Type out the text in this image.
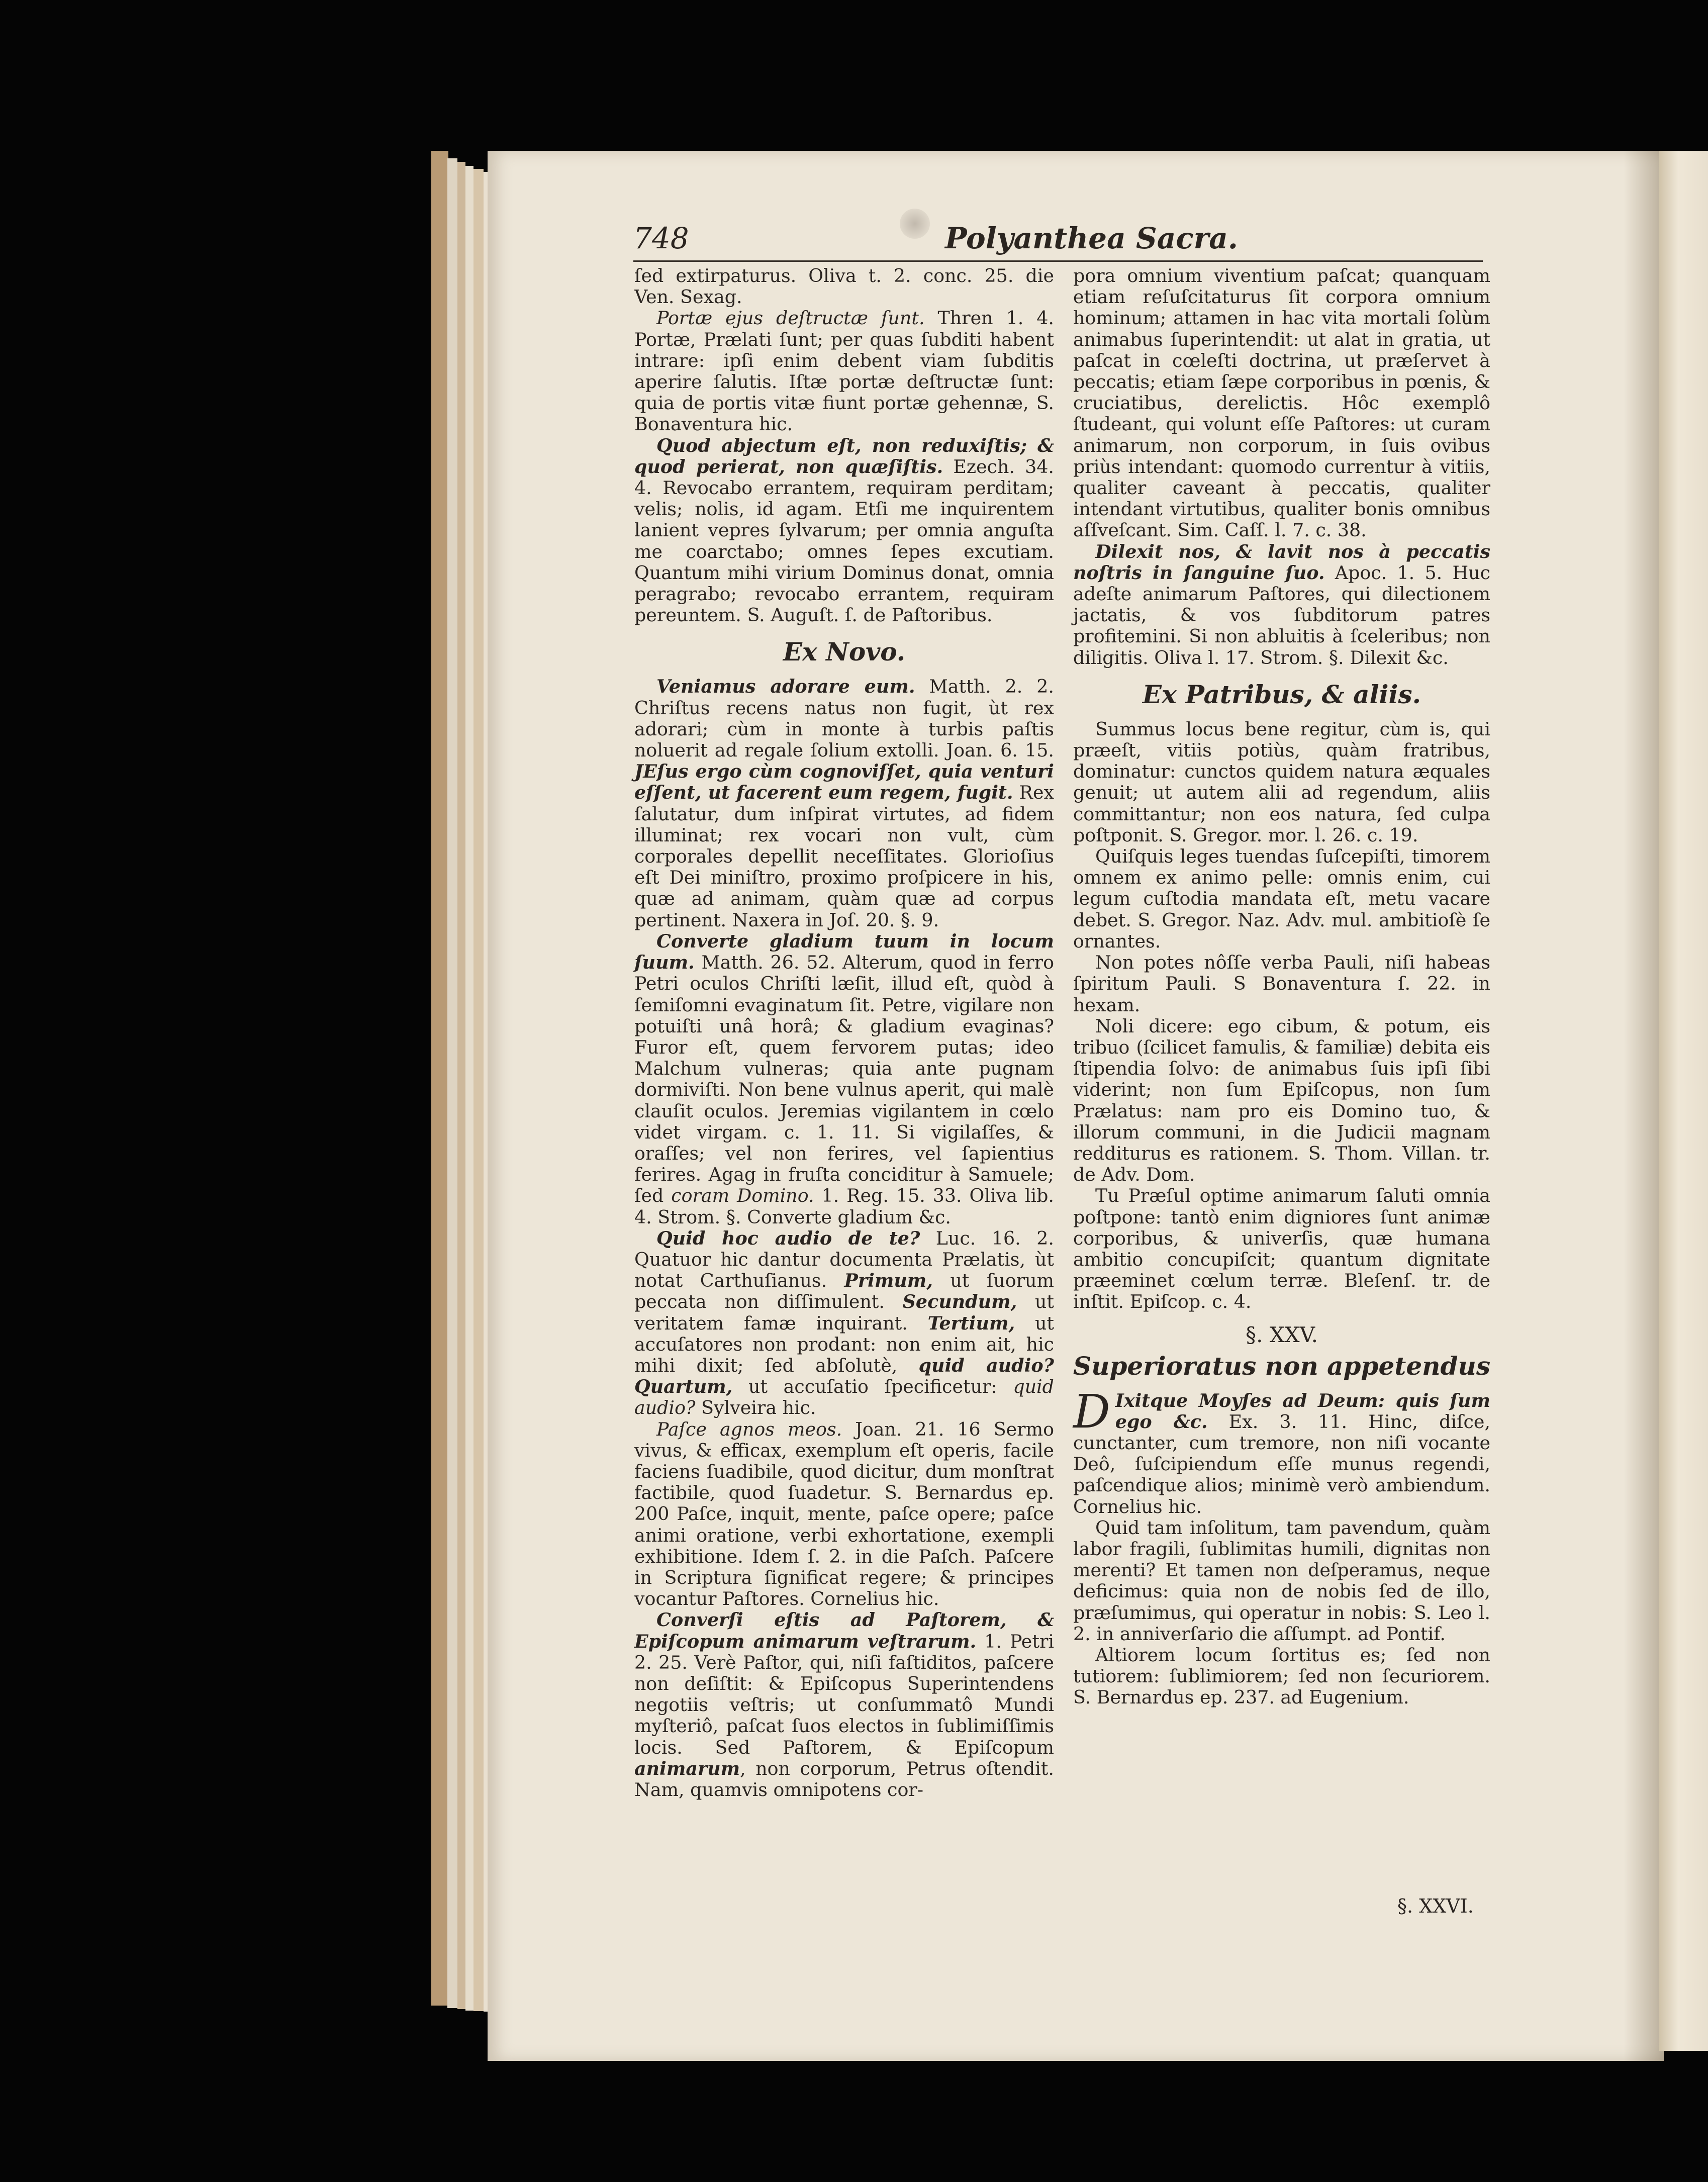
748	Polyanthea Sacra.

ſed extirpaturus. Oliva t. 2. conc. 25. die Ven. Sexag.

Portæ ejus deſtructæ ſunt. Thren 1. 4. Portæ, Prælati ſunt; per quas ſubditi habent intrare: ipſi enim debent viam ſubditis aperire ſalutis. Iſtæ portæ deſtructæ ſunt: quia de portis vitæ fiunt portæ gehennæ, S. Bonaventura hic.

Quod abjectum eſt, non reduxiſtis; & quod perierat, non quæſiſtis. Ezech. 34. 4. Revocabo errantem, requiram perditam; velis; nolis, id agam. Etſi me inquirentem lanient vepres ſylvarum; per omnia anguſta me coarctabo; omnes ſepes excutiam. Quantum mihi virium Dominus donat, omnia peragrabo; revocabo errantem, requiram pereuntem. S. Auguſt. ſ. de Paſtoribus.

Ex Novo.

Veniamus adorare eum. Matth. 2. 2. Chriſtus recens natus non fugit, ùt rex adorari; cùm in monte à turbis paſtis noluerit ad regale ſolium extolli. Joan. 6. 15. JEſus ergo cùm cognoviſſet, quia venturi eſſent, ut facerent eum regem, fugit. Rex ſalutatur, dum inſpirat virtutes, ad fidem illuminat; rex vocari non vult, cùm corporales depellit neceſſitates. Glorioſius eſt Dei miniſtro, proximo proſpicere in his, quæ ad animam, quàm quæ ad corpus pertinent. Naxera in Joſ. 20. §. 9.

Converte gladium tuum in locum ſuum. Matth. 26. 52. Alterum, quod in ferro Petri oculos Chriſti læſit, illud eſt, quòd à ſemiſomni evaginatum ſit. Petre, vigilare non potuiſti unâ horâ; & gladium evaginas? Furor eſt, quem fervorem putas; ideo Malchum vulneras; quia ante pugnam dormiviſti. Non bene vulnus aperit, qui malè clauſit oculos. Jeremias vigilantem in cœlo videt virgam. c. 1. 11. Si vigilaſſes, & oraſſes; vel non ferires, vel ſapientius ferires. Agag in fruſta conciditur à Samuele; ſed coram Domino. 1. Reg. 15. 33. Oliva lib. 4. Strom. §. Converte gladium &c.

Quid hoc audio de te? Luc. 16. 2. Quatuor hic dantur documenta Prælatis, ùt notat Carthuſianus. Primum, ut ſuorum peccata non diſſimulent. Secundum, ut veritatem famæ inquirant. Tertium, ut accuſatores non prodant: non enim ait, hic mihi dixit; ſed abſolutè, quid audio? Quartum, ut accuſatio ſpecificetur: quid audio? Sylveira hic.

Paſce agnos meos. Joan. 21. 16 Sermo vivus, & efficax, exemplum eſt operis, facile faciens ſuadibile, quod dicitur, dum monſtrat factibile, quod ſuadetur. S. Bernardus ep. 200 Paſce, inquit, mente, paſce opere; paſce animi oratione, verbi exhortatione, exempli exhibitione. Idem ſ. 2. in die Paſch. Paſcere in Scriptura ſignificat regere; & principes vocantur Paſtores. Cornelius hic.

Converſi eſtis ad Paſtorem, & Epiſcopum animarum veſtrarum. 1. Petri 2. 25. Verè Paſtor, qui, niſi faſtiditos, paſcere non deſiſtit: & Epiſcopus Superintendens negotiis veſtris; ut conſummatô Mundi myſteriô, paſcat ſuos electos in ſublimiſſimis locis. Sed Paſtorem, & Epiſcopum animarum, non corporum, Petrus oſtendit. Nam, quamvis omnipotens cor-

pora omnium viventium paſcat; quanquam etiam reſuſcitaturus ſit corpora omnium hominum; attamen in hac vita mortali ſolùm animabus ſuperintendit: ut alat in gratia, ut paſcat in cœleſti doctrina, ut præſervet à peccatis; etiam ſæpe corporibus in pœnis, & cruciatibus, derelictis. Hôc exemplô ſtudeant, qui volunt eſſe Paſtores: ut curam animarum, non corporum, in ſuis ovibus priùs intendant: quomodo currentur à vitiis, qualiter caveant à peccatis, qualiter intendant virtutibus, qualiter bonis omnibus aſſveſcant. Sim. Caſſ. l. 7. c. 38.

Dilexit nos, & lavit nos à peccatis noſtris in ſanguine ſuo. Apoc. 1. 5. Huc adeſte animarum Paſtores, qui dilectionem jactatis, & vos ſubditorum patres profitemini. Si non abluitis à ſceleribus; non diligitis. Oliva l. 17. Strom. §. Dilexit &c.

Ex Patribus, & aliis.

Summus locus bene regitur, cùm is, qui præeſt, vitiis potiùs, quàm fratribus, dominatur: cunctos quidem natura æquales genuit; ut autem alii ad regendum, aliis committantur; non eos natura, ſed culpa poſtponit. S. Gregor. mor. l. 26. c. 19.

Quiſquis leges tuendas ſuſcepiſti, timorem omnem ex animo pelle: omnis enim, cui legum cuſtodia mandata eſt, metu vacare debet. S. Gregor. Naz. Adv. mul. ambitioſè ſe ornantes.

Non potes nôſſe verba Pauli, niſi habeas ſpiritum Pauli. S Bonaventura ſ. 22. in hexam.

Noli dicere: ego cibum, & potum, eis tribuo (ſcilicet famulis, & familiæ) debita eis ſtipendia ſolvo: de animabus ſuis ipſi ſibi viderint; non ſum Epiſcopus, non ſum Prælatus: nam pro eis Domino tuo, & illorum communi, in die Judicii magnam redditurus es rationem. S. Thom. Villan. tr. de Adv. Dom.

Tu Præſul optime animarum ſaluti omnia poſtpone: tantò enim digniores ſunt animæ corporibus, & univerſis, quæ humana ambitio concupiſcit; quantum dignitate præeminet cœlum terræ. Bleſenſ. tr. de inſtit. Epiſcop. c. 4.

§. XXV.
Superioratus non appetendus

D Ixitque Moyſes ad Deum: quis ſum ego &c. Ex. 3. 11. Hinc, diſce, cunctanter, cum tremore, non niſi vocante Deô, ſuſcipiendum eſſe munus regendi, paſcendique alios; minimè verò ambiendum. Cornelius hic.

Quid tam inſolitum, tam pavendum, quàm labor fragili, ſublimitas humili, dignitas non merenti? Et tamen non deſperamus, neque deficimus: quia non de nobis ſed de illo, præſumimus, qui operatur in nobis: S. Leo l. 2. in anniverſario die aſſumpt. ad Pontif.

Altiorem locum ſortitus es; ſed non tutiorem: ſublimiorem; ſed non ſecuriorem. S. Bernardus ep. 237. ad Eugenium.

§. XXVI.
